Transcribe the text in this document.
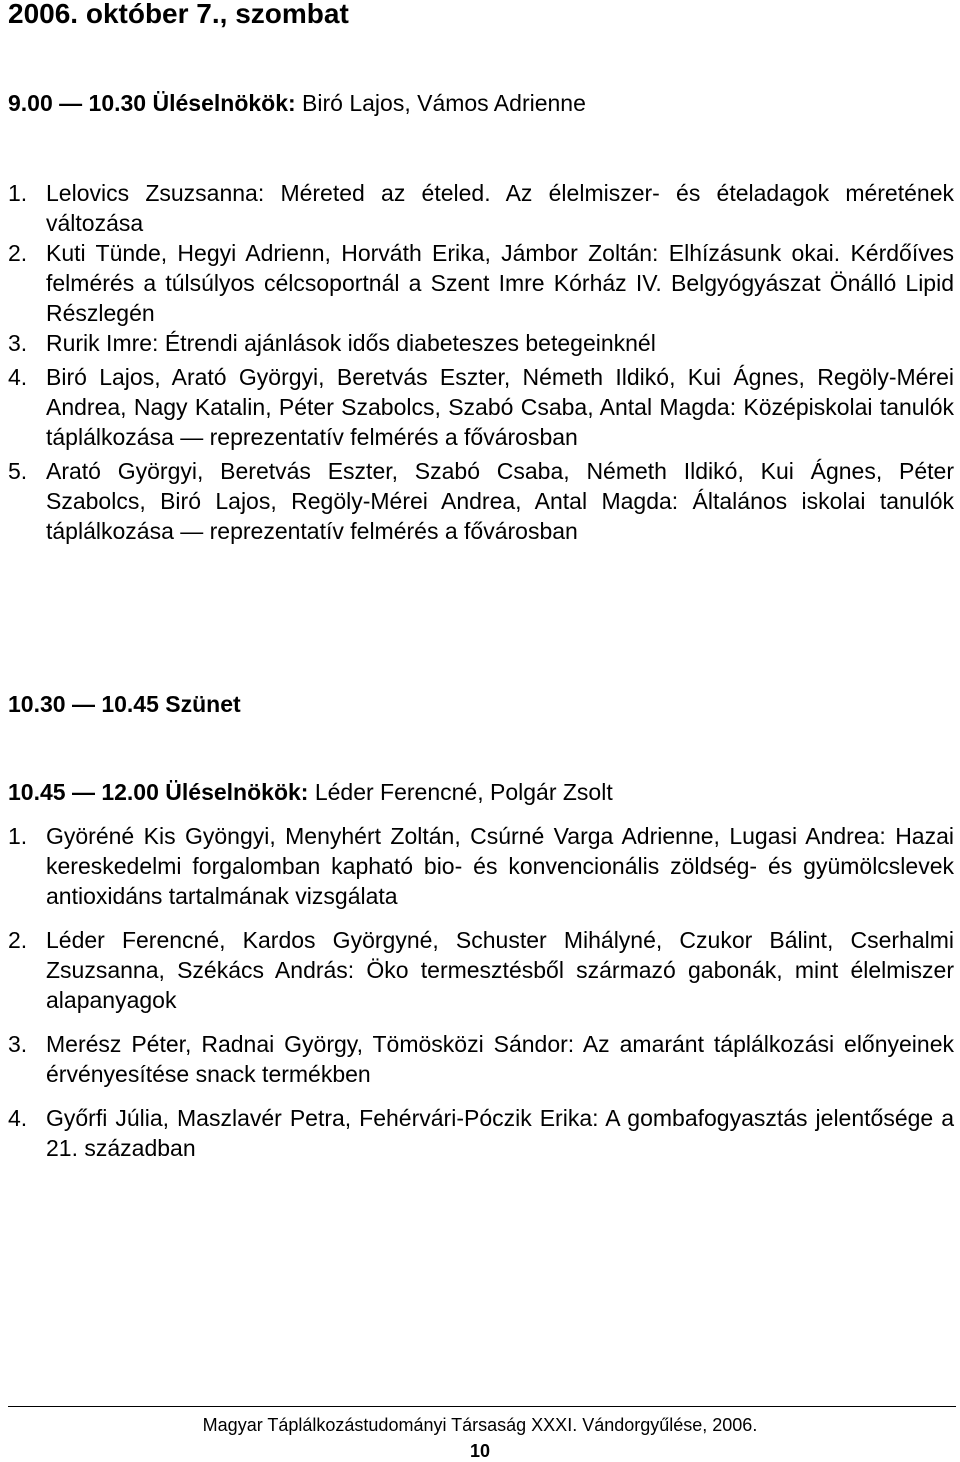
2006. október 7., szombat
9.00 — 10.30 Üléselnökök: Biró Lajos, Vámos Adrienne
1. Lelovics Zsuzsanna: Méreted az ételed. Az élelmiszer- és ételadagok méretének változása
2. Kuti Tünde, Hegyi Adrienn, Horváth Erika, Jámbor Zoltán: Elhízásunk okai. Kérdőíves felmérés a túlsúlyos célcsoportnál a Szent Imre Kórház IV. Belgyógyászat Önálló Lipid Részlegén
3. Rurik Imre: Étrendi ajánlások idős diabeteszes betegeinknél
4. Biró Lajos, Arató Györgyi, Beretvás Eszter, Németh Ildikó, Kui Ágnes, Regöly-Mérei Andrea, Nagy Katalin, Péter Szabolcs, Szabó Csaba, Antal Magda: Középiskolai tanulók táplálkozása — reprezentatív felmérés a fővárosban
5. Arató Györgyi, Beretvás Eszter, Szabó Csaba, Németh Ildikó, Kui Ágnes, Péter Szabolcs, Biró Lajos, Regöly-Mérei Andrea, Antal Magda: Általános iskolai tanulók táplálkozása — reprezentatív felmérés a fővárosban
10.30 — 10.45 Szünet
10.45 — 12.00 Üléselnökök: Léder Ferencné, Polgár Zsolt
1. Györéné Kis Gyöngyi, Menyhért Zoltán, Csúrné Varga Adrienne, Lugasi Andrea: Hazai kereskedelmi forgalomban kapható bio- és konvencionális zöldség- és gyümölcslevek antioxidáns tartalmának vizsgálata
2. Léder Ferencné, Kardos Györgyné, Schuster Mihályné, Czukor Bálint, Cserhalmi Zsuzsanna, Székács András: Öko termesztésből származó gabonák, mint élelmiszer alapanyagok
3. Merész Péter, Radnai György, Tömösközi Sándor: Az amaránt táplálkozási előnyeinek érvényesítése snack termékben
4. Győrfi Júlia, Maszlavér Petra, Fehérvári-Póczik Erika: A gombafogyasztás jelentősége a 21. században
Magyar Táplálkozástudományi Társaság XXXI. Vándorgyűlése, 2006.
10
